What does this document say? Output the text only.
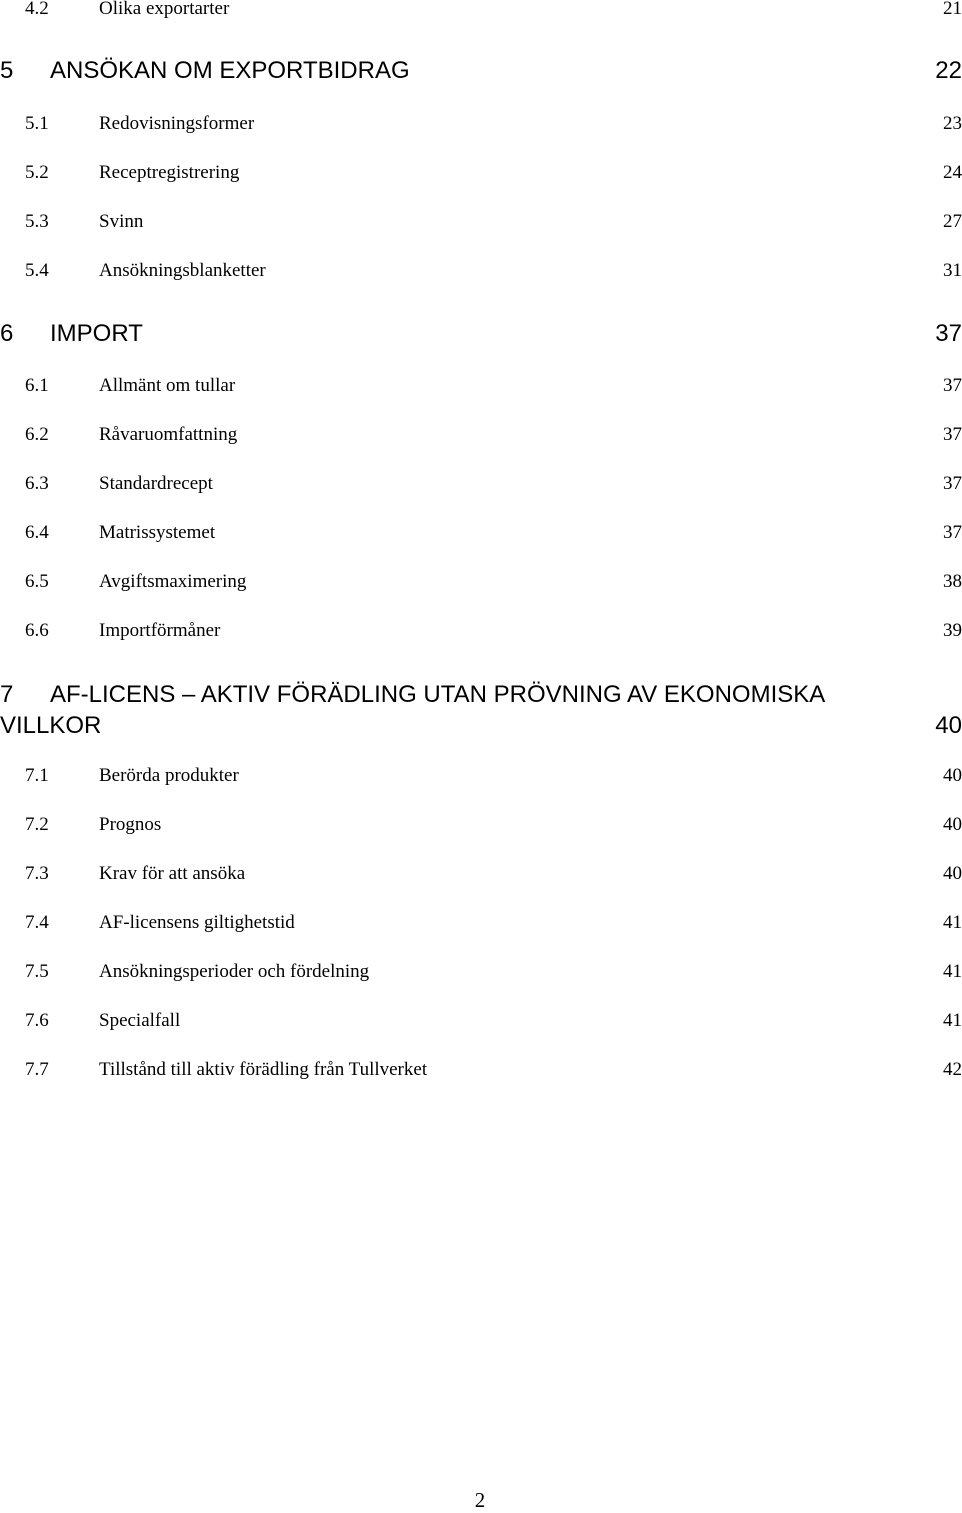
4.2	Olika exportarter	21
5 ANSÖKAN OM EXPORTBIDRAG	22
5.1	Redovisningsformer	23
5.2	Receptregistrering	24
5.3	Svinn	27
5.4	Ansökningsblanketter	31
6 IMPORT	37
6.1	Allmänt om tullar	37
6.2	Råvaruomfattning	37
6.3	Standardrecept	37
6.4	Matrissystemet	37
6.5	Avgiftsmaximering	38
6.6	Importförmåner	39
7 AF-LICENS – AKTIV FÖRÄDLING UTAN PRÖVNING AV EKONOMISKA
VILLKOR	40
7.1	Berörda produkter	40
7.2	Prognos	40
7.3	Krav för att ansöka	40
7.4	AF-licensens giltighetstid	41
7.5	Ansökningsperioder och fördelning	41
7.6	Specialfall	41
7.7	Tillstånd till aktiv förädling från Tullverket	42
2
